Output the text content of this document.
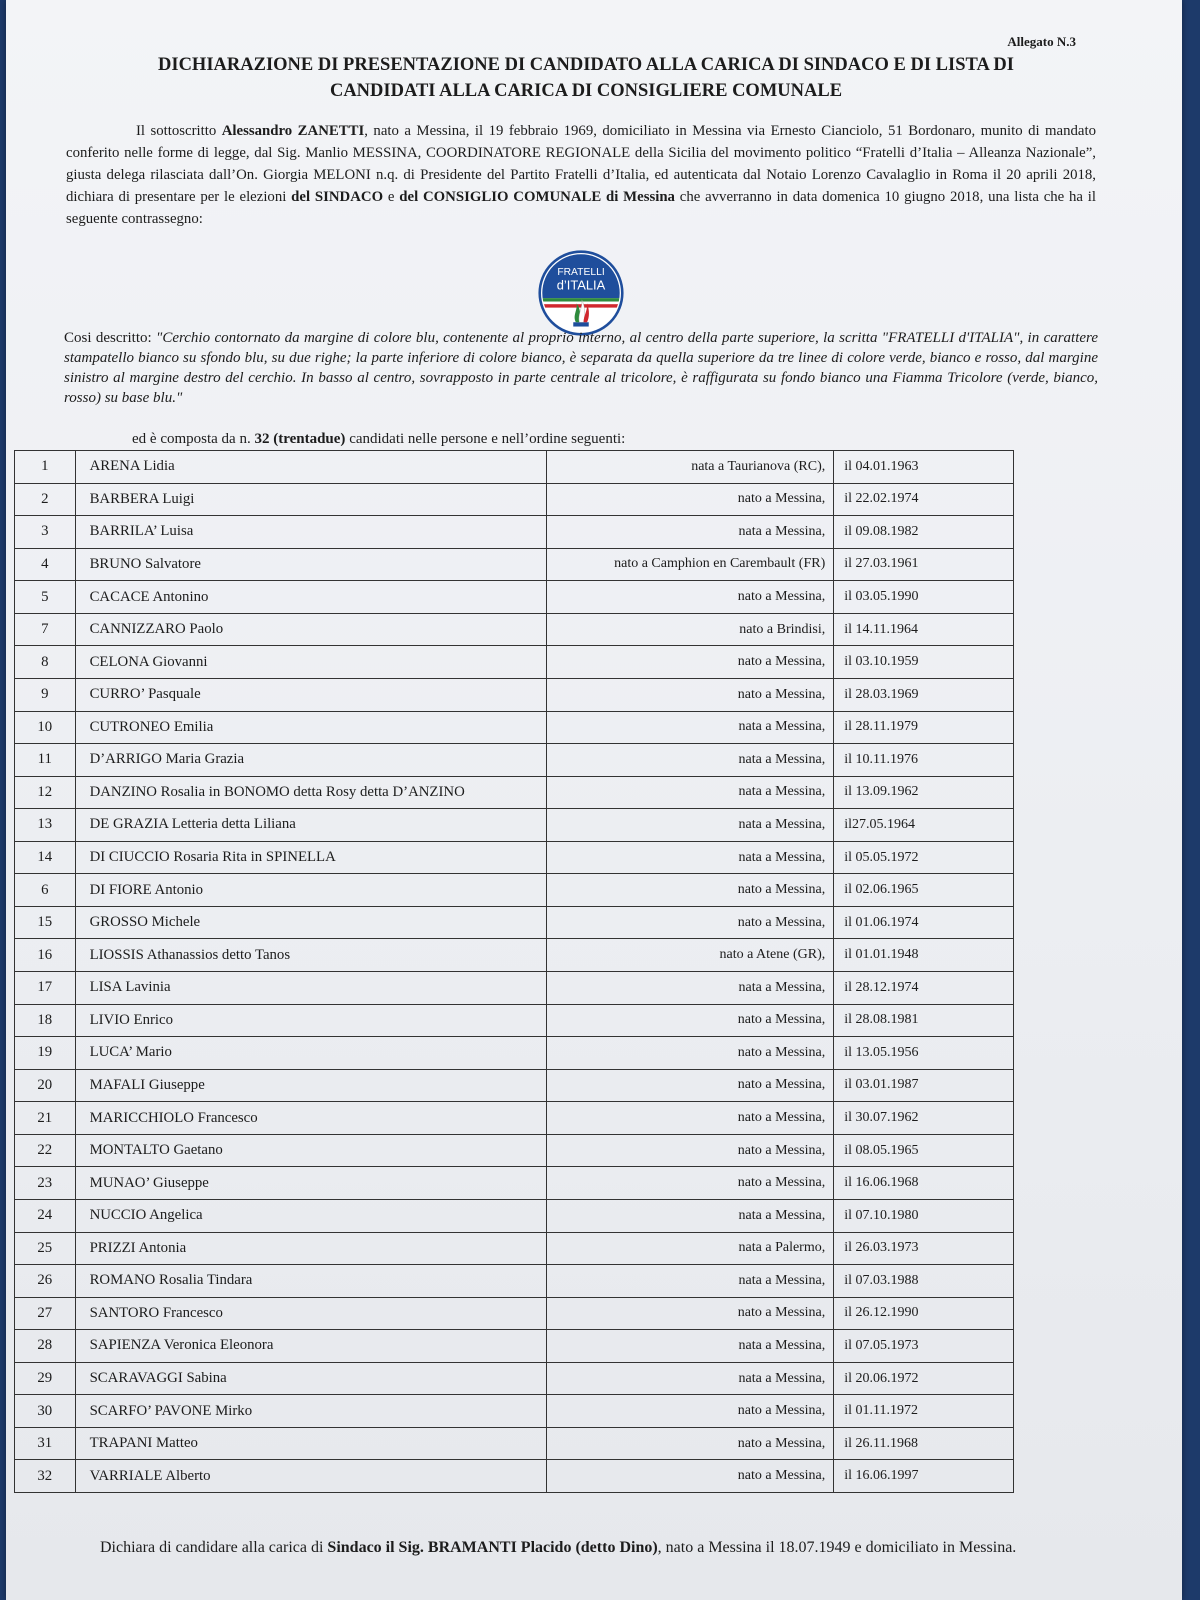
Allegato N.3
DICHIARAZIONE DI PRESENTAZIONE DI CANDIDATO ALLA CARICA DI SINDACO E DI LISTA DI
CANDIDATI ALLA CARICA DI CONSIGLIERE COMUNALE
Il sottoscritto Alessandro ZANETTI, nato a Messina, il 19 febbraio 1969, domiciliato in Messina via Ernesto Cianciolo, 51 Bordonaro, munito di mandato conferito nelle forme di legge, dal Sig. Manlio MESSINA, COORDINATORE REGIONALE della Sicilia del movimento politico “Fratelli d’Italia – Alleanza Nazionale”, giusta delega rilasciata dall’On. Giorgia MELONI n.q. di Presidente del Partito Fratelli d’Italia, ed autenticata dal Notaio Lorenzo Cavalaglio in Roma il 20 aprili 2018, dichiara di presentare per le elezioni del SINDACO e del CONSIGLIO COMUNALE di Messina che avverranno in data domenica 10 giugno 2018, una lista che ha il seguente contrassegno:
FRATELLI
d’ITALIA
Cosi descritto: "Cerchio contornato da margine di colore blu, contenente al proprio interno, al centro della parte superiore, la scritta "FRATELLI d'ITALIA", in carattere stampatello bianco su sfondo blu, su due righe; la parte inferiore di colore bianco, è separata da quella superiore da tre linee di colore verde, bianco e rosso, dal margine sinistro al margine destro del cerchio. In basso al centro, sovrapposto in parte centrale al tricolore, è raffigurata su fondo bianco una Fiamma Tricolore (verde, bianco, rosso) su base blu."
ed è composta da n. 32 (trentadue) candidati nelle persone e nell’ordine seguenti:
1	ARENA Lidia	nata a Taurianova (RC),	il 04.01.1963
2	BARBERA Luigi	nato a Messina,	il 22.02.1974
3	BARRILA’ Luisa	nata a Messina,	il 09.08.1982
4	BRUNO Salvatore	nato a Camphion en Carembault (FR)	il 27.03.1961
5	CACACE Antonino	nato a Messina,	il 03.05.1990
7	CANNIZZARO Paolo	nato a Brindisi,	il 14.11.1964
8	CELONA Giovanni	nato a Messina,	il 03.10.1959
9	CURRO’ Pasquale	nato a Messina,	il 28.03.1969
10	CUTRONEO Emilia	nata a Messina,	il 28.11.1979
11	D’ARRIGO Maria Grazia	nata a Messina,	il 10.11.1976
12	DANZINO Rosalia in BONOMO detta Rosy detta D’ANZINO	nata a Messina,	il 13.09.1962
13	DE GRAZIA Letteria detta Liliana	nata a Messina,	il27.05.1964
14	DI CIUCCIO Rosaria Rita in SPINELLA	nata a Messina,	il 05.05.1972
6	DI FIORE Antonio	nato a Messina,	il 02.06.1965
15	GROSSO Michele	nato a Messina,	il 01.06.1974
16	LIOSSIS Athanassios detto Tanos	nato a Atene (GR),	il 01.01.1948
17	LISA Lavinia	nata a Messina,	il 28.12.1974
18	LIVIO Enrico	nato a Messina,	il 28.08.1981
19	LUCA’ Mario	nato a Messina,	il 13.05.1956
20	MAFALI Giuseppe	nato a Messina,	il 03.01.1987
21	MARICCHIOLO Francesco	nato a Messina,	il 30.07.1962
22	MONTALTO Gaetano	nato a Messina,	il 08.05.1965
23	MUNAO’ Giuseppe	nato a Messina,	il 16.06.1968
24	NUCCIO Angelica	nata a Messina,	il 07.10.1980
25	PRIZZI Antonia	nata a Palermo,	il 26.03.1973
26	ROMANO Rosalia Tindara	nata a Messina,	il 07.03.1988
27	SANTORO Francesco	nato a Messina,	il 26.12.1990
28	SAPIENZA Veronica Eleonora	nata a Messina,	il 07.05.1973
29	SCARAVAGGI Sabina	nata a Messina,	il 20.06.1972
30	SCARFO’ PAVONE Mirko	nato a Messina,	il 01.11.1972
31	TRAPANI Matteo	nato a Messina,	il 26.11.1968
32	VARRIALE Alberto	nato a Messina,	il 16.06.1997
Dichiara di candidare alla carica di Sindaco il Sig. BRAMANTI Placido (detto Dino), nato a Messina il 18.07.1949 e domiciliato in Messina.
